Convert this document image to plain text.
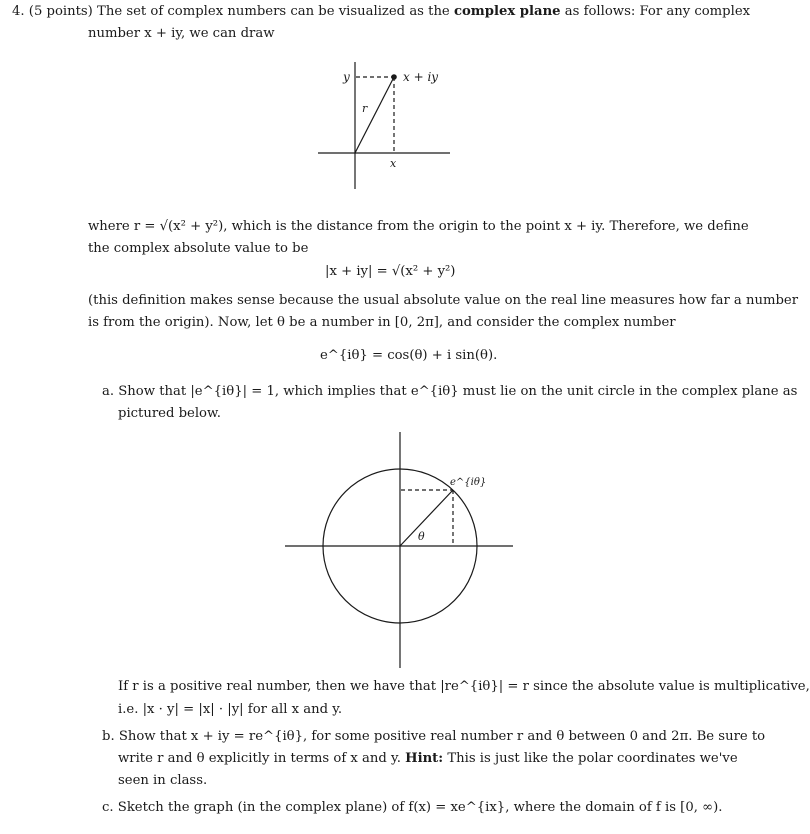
4. (5 points) The set of complex numbers can be visualized as the complex plane as follows: For any complex
number x + iy, we can draw
y	x + iy
r
x
e^{iθ}
θ
where r = √(x² + y²), which is the distance from the origin to the point x + iy. Therefore, we define
the complex absolute value to be
|x + iy| = √(x² + y²)
(this definition makes sense because the usual absolute value on the real line measures how far a number
is from the origin). Now, let θ be a number in [0, 2π], and consider the complex number
e^{iθ} = cos(θ) + i sin(θ).
a. Show that |e^{iθ}| = 1, which implies that e^{iθ} must lie on the unit circle in the complex plane as
pictured below.
If r is a positive real number, then we have that |re^{iθ}| = r since the absolute value is multiplicative,
i.e. |x · y| = |x| · |y| for all x and y.
b. Show that x + iy = re^{iθ}, for some positive real number r and θ between 0 and 2π. Be sure to
write r and θ explicitly in terms of x and y. Hint: This is just like the polar coordinates we've
seen in class.
c. Sketch the graph (in the complex plane) of f(x) = xe^{ix}, where the domain of f is [0, ∞).
